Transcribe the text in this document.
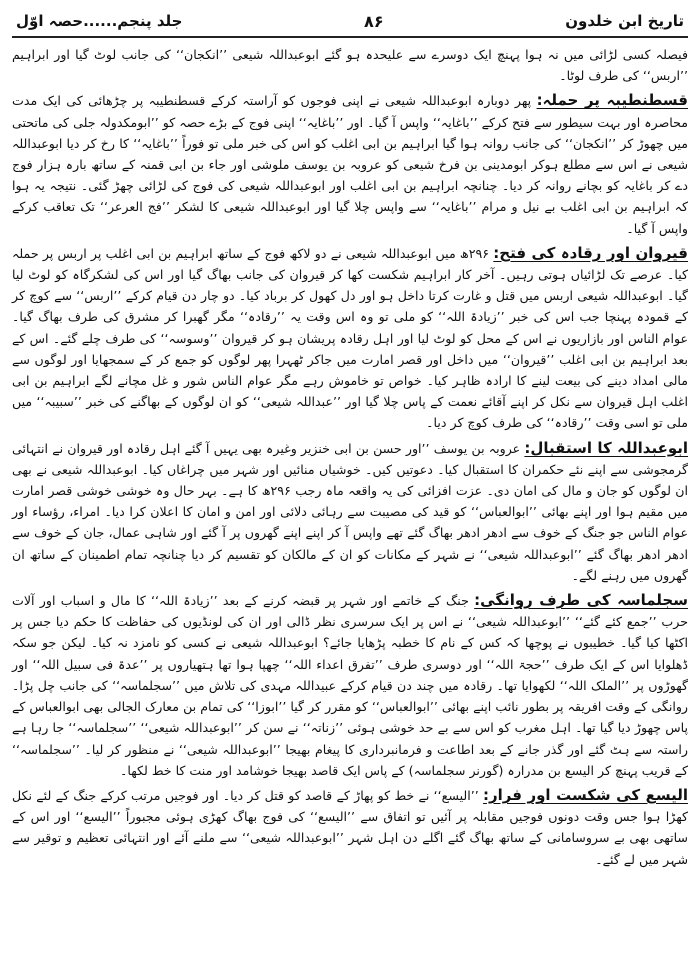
تاریخ ابن خلدون
۸۶
جلد پنجم......حصہ اوّل

فیصلہ کسی لڑائی میں نہ ہوا پہنچ ایک دوسرے سے علیحدہ ہو گئے ابوعبداللہ شیعی ’’انکجان‘‘ کی جانب لوٹ گیا اور ابراہیم ’’اربس‘‘ کی طرف لوٹا۔

قسطنطیبہ پر حملہ: پھر دوبارہ ابوعبداللہ شیعی نے اپنی فوجوں کو آراستہ کرکے قسطنطیبہ پر چڑھائی کی ایک مدت محاصرہ اور بہت سیطور سے فتح کرکے ’’باغایہ‘‘ واپس آ گیا۔ اور ’’باغایہ‘‘ اپنی فوج کے بڑے حصہ کو ’’ابومکدولہ جلی کی ماتحتی میں چھوڑ کر ’’انکجان‘‘ کی جانب روانہ ہوا گیا ابراہیم بن ابی اغلب کو اس کی خبر ملی تو فوراً ’’باغایہ‘‘ کا رخ کر دیا ابوعبداللہ شیعی نے اس سے مطلع ہوکر ابومدینی بن فرخ شیعی کو عروبہ بن یوسف ملوشی اور جاء بن ابی قمنہ کے ساتھ بارہ ہزار فوج دے کر باغایہ کو بچانے روانہ کر دیا۔ چنانچہ ابراہیم بن ابی اغلب اور ابوعبداللہ شیعی کی فوج کی لڑائی چھڑ گئی۔ نتیجہ یہ ہوا کہ ابراہیم بن ابی اغلب بے نیل و مرام ’’باغایہ‘‘ سے واپس چلا گیا اور ابوعبداللہ شیعی کا لشکر ’’فج العرعر‘‘ تک تعاقب کرکے واپس آ گیا۔

قیروان اور رقادہ کی فتح: ۲۹۶ھ میں ابوعبداللہ شیعی نے دو لاکھ فوج کے ساتھ ابراہیم بن ابی اغلب پر اربس پر حملہ کیا۔ عرصے تک لڑائیاں ہوتی رہیں۔ آخر کار ابراہیم شکست کھا کر قیروان کی جانب بھاگ گیا اور اس کی لشکرگاہ کو لوٹ لیا گیا۔ ابوعبداللہ شیعی اربس میں قتل و غارت کرتا داخل ہو اور دل کھول کر برباد کیا۔ دو چار دن قیام کرکے ’’اربس‘‘ سے کوچ کر کے قمودہ پہنچا جب اس کی خبر ’’زیادۃ اللہ‘‘ کو ملی تو وہ اس وقت یہ ’’رقادہ‘‘ مگر گھبرا کر مشرق کی طرف بھاگ گیا۔ عوام الناس اور بازاریوں نے اس کے محل کو لوٹ لیا اور اہل رقادہ پریشان ہو کر قیروان ’’وسوسہ‘‘ کی طرف چلے گئے۔ اس کے بعد ابراہیم بن ابی اغلب ’’قیروان‘‘ میں داخل اور قصر امارت میں جاکر ٹھہرا پھر لوگوں کو جمع کر کے سمجھایا اور لوگوں سے مالی امداد دینے کی بیعت لینے کا ارادہ ظاہر کیا۔ خواص تو خاموش رہے مگر عوام الناس شور و غل مچانے لگے ابراہیم بن ابی اغلب اہل قیروان سے نکل کر اپنے آقائے نعمت کے پاس چلا گیا اور ’’عبداللہ شیعی‘‘ کو ان لوگوں کے بھاگنے کی خبر ’’سبیبہ‘‘ میں ملی تو اسی وقت ’’رقادہ‘‘ کی طرف کوچ کر دیا۔

ابوعبداللہ کا استقبال: عروبہ بن یوسف ’’اور حسن بن ابی خنزیر وغیرہ بھی یہیں آ گئے اہل رقادہ اور قیروان نے انتہائی گرمجوشی سے اپنے نئے حکمران کا استقبال کیا۔ دعوتیں کیں۔ خوشیاں منائیں اور شہر میں چراغاں کیا۔ ابوعبداللہ شیعی نے بھی ان لوگوں کو جان و مال کی امان دی۔ عزت افزائی کی یہ واقعہ ماہ رجب ۲۹۶ھ کا ہے۔ بہر حال وہ خوشی خوشی قصر امارت میں مقیم ہوا اور اپنے بھائی ’’ابوالعباس‘‘ کو قید کی مصیبت سے رہائی دلائی اور امن و امان کا اعلان کرا دیا۔ امراء، رؤساء اور عوام الناس جو جنگ کے خوف سے ادھر ادھر بھاگ گئے تھے واپس آ کر اپنے اپنے گھروں پر آ گئے اور شاہی عمال، جان کے خوف سے ادھر ادھر بھاگ گئے ’’ابوعبداللہ شیعی‘‘ نے شہر کے مکانات کو ان کے مالکان کو تقسیم کر دیا چنانچہ تمام اطمینان کے ساتھ ان گھروں میں رہنے لگے۔

سجلماسہ کی طرف روانگی: جنگ کے خاتمے اور شہر پر قبضہ کرنے کے بعد ’’زیادۃ اللہ‘‘ کا مال و اسباب اور آلات حرب ’’جمع کئے گئے‘‘ ’’ابوعبداللہ شیعی‘‘ نے اس پر ایک سرسری نظر ڈالی اور ان کی لونڈیوں کی حفاظت کا حکم دیا جس پر اکٹھا کیا گیا۔ خطیبوں نے پوچھا کہ کس کے نام کا خطبہ پڑھایا جائے؟ ابوعبداللہ شیعی نے کسی کو نامزد نہ کیا۔ لیکن جو سکہ ڈھلوایا اس کے ایک طرف ’’حجۃ اللہ‘‘ اور دوسری طرف ’’تفرق اعداء اللہ‘‘ چھپا ہوا تھا ہتھیاروں پر ’’عدۃ فی سبیل اللہ‘‘ اور گھوڑوں پر ’’الملک اللہ‘‘ لکھوایا تھا۔ رقادہ میں چند دن قیام کرکے عبیداللہ مہدی کی تلاش میں ’’سجلماسہ‘‘ کی جانب چل پڑا۔ روانگی کے وقت افریقہ پر بطور نائب اپنے بھائی ’’ابوالعباس‘‘ کو مقرر کر گیا ’’ابوزا‘‘ کی تمام بن معارک الجالی بھی ابوالعباس کے پاس چھوڑ دیا گیا تھا۔ اہل مغرب کو اس سے بے حد خوشی ہوئی ’’زناتہ‘‘ نے سن کر ’’ابوعبداللہ شیعی‘‘ ’’سجلماسہ‘‘ جا رہا ہے راستہ سے ہٹ گئے اور گذر جانے کے بعد اطاعت و فرمانبرداری کا پیغام بھیجا ’’ابوعبداللہ شیعی‘‘ نے منظور کر لیا۔ ’’سجلماسہ‘‘ کے قریب پہنچ کر الیسع بن مدرارہ (گورنر سجلماسہ) کے پاس ایک قاصد بھیجا خوشامد اور منت کا خط لکھا۔

الیسع کی شکست اور فرار: ’’الیسع‘‘ نے خط کو پھاڑ کے قاصد کو قتل کر دیا۔ اور فوجیں مرتب کرکے جنگ کے لئے نکل کھڑا ہوا جس وقت دونوں فوجیں مقابلہ پر آئیں تو اتفاق سے ’’الیسع‘‘ کی فوج بھاگ کھڑی ہوئی مجبوراً ’’الیسع‘‘ اور اس کے ساتھی بھی بے سروسامانی کے ساتھ بھاگ گئے اگلے دن اہل شہر ’’ابوعبداللہ شیعی‘‘ سے ملنے آئے اور انتہائی تعظیم و توقیر سے شہر میں لے گئے۔
